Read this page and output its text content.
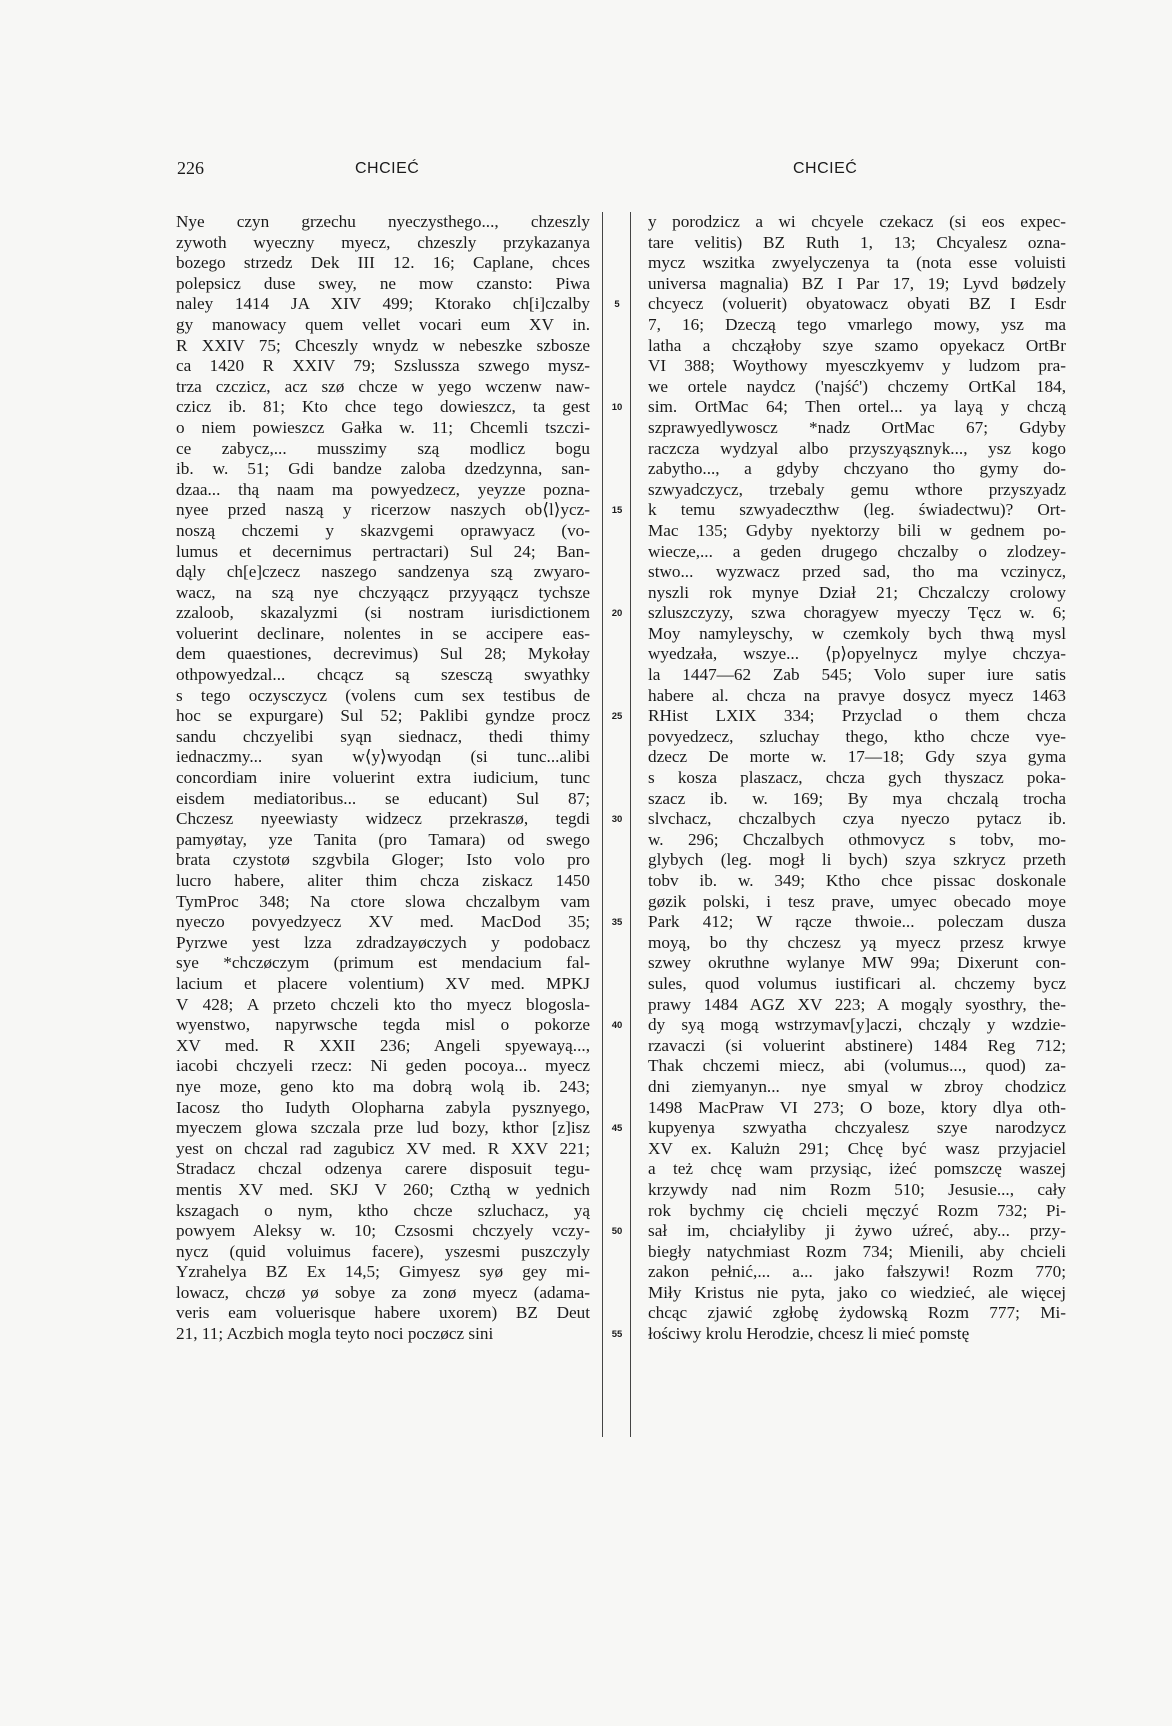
226	CHCIEĆ	CHCIEĆ
Nye czyn grzechu nyeczysthego..., chzeszly
zywoth wyeczny myecz, chzeszly przykazanya
bozego strzedz Dek III 12. 16; Caplane, chces
polepsicz duse swey, ne mow czansto: Piwa
naley 1414 JA XIV 499; Ktorako ch[i]czalby
gy manowacy quem vellet vocari eum XV in.
R XXIV 75; Chceszly wnydz w nebeszke szbosze
ca 1420 R XXIV 79; Szslussza szwego mysz-
trza czczicz, acz szø chcze w yego wczenw naw-
czicz ib. 81; Kto chce tego dowieszcz, ta gest
o niem powieszcz Gałka w. 11; Chcemli tszczi-
ce zabycz,... musszimy szą modlicz bogu
ib. w. 51; Gdi bandze zaloba dzedzynna, san-
dzaa... thą naam ma powyedzecz, yeyzze pozna-
nyee przed naszą y ricerzow naszych ob⟨l⟩ycz-
noszą chczemi y skazvgemi oprawyacz (vo-
lumus et decernimus pertractari) Sul 24; Ban-
dąly ch[e]czecz naszego sandzenya szą zwyaro-
wacz, na szą nye chczyąącz przyyąącz tychsze
zzaloob, skazalyzmi (si nostram iurisdictionem
voluerint declinare, nolentes in se accipere eas-
dem quaestiones, decrevimus) Sul 28; Mykołay
othpowyedzal... chcącz są szesczą swyathky
s tego oczysczycz (volens cum sex testibus de
hoc se expurgare) Sul 52; Paklibi gyndze procz
sandu chczyelibi syąn siednacz, thedi thimy
iednaczmy... syan w⟨y⟩wyodąn (si tunc...alibi
concordiam inire voluerint extra iudicium, tunc
eisdem mediatoribus... se educant) Sul 87;
Chczesz nyeewiasty widzecz przekraszø, tegdi
pamyøtay, yze Tanita (pro Tamara) od swego
brata czystotø szgvbila Gloger; Isto volo pro
lucro habere, aliter thim chcza ziskacz 1450
TymProc 348; Na ctore slowa chczalbym vam
nyeczo povyedzyecz XV med. MacDod 35;
Pyrzwe yest lzza zdradzayøczych y podobacz
sye *chczøczym (primum est mendacium fal-
lacium et placere volentium) XV med. MPKJ
V 428; A przeto chczeli kto tho myecz blogosla-
wyenstwo, napyrwsche tegda misl o pokorze
XV med. R XXII 236; Angeli spyewayą...,
iacobi chczyeli rzecz: Ni geden pocoya... myecz
nye moze, geno kto ma dobrą wolą ib. 243;
Iacosz tho Iudyth Olopharna zabyla pysznyego,
myeczem glowa szczala prze lud bozy, kthor [z]isz
yest on chczal rad zagubicz XV med. R XXV 221;
Stradacz chczal odzenya carere disposuit tegu-
mentis XV med. SKJ V 260; Czthą w yednich
kszagach o nym, ktho chcze szluchacz, yą
powyem Aleksy w. 10; Czsosmi chczyely vczy-
nycz (quid voluimus facere), yszesmi puszczyly
Yzrahelya BZ Ex 14,5; Gimyesz syø gey mi-
lowacz, chczø yø sobye za zonø myecz (adama-
veris eam voluerisque habere uxorem) BZ Deut
21, 11; Aczbich mogla teyto noci poczøcz sini
5
10
15
20
25
30
35
40
45
50
55
y porodzicz a wi chcyele czekacz (si eos expec-
tare velitis) BZ Ruth 1, 13; Chcyalesz ozna-
mycz wszitka zwyelyczenya ta (nota esse voluisti
universa magnalia) BZ I Par 17, 19; Lyvd bødzely
chcyecz (voluerit) obyatowacz obyati BZ I Esdr
7, 16; Dzeczą tego vmarlego mowy, ysz ma
latha a chcząłoby szye szamo opyekacz OrtBr
VI 388; Woythowy myesczkyemv y ludzom pra-
we ortele naydcz ('najść') chczemy OrtKal 184,
sim. OrtMac 64; Then ortel... ya layą y chczą
szprawyedlywoscz *nadz OrtMac 67; Gdyby
raczcza wydzyal albo przyszyąsznyk..., ysz kogo
zabytho..., a gdyby chczyano tho gymy do-
szwyadczycz, trzebaly gemu wthore przyszyadz
k temu szwyadeczthw (leg. świadectwu)? Ort-
Mac 135; Gdyby nyektorzy bili w gednem po-
wiecze,... a geden drugego chczalby o zlodzey-
stwo... wyzwacz przed sad, tho ma vczinycz,
nyszli rok mynye Dział 21; Chczalczy crolowy
szluszczyzy, szwa choragyew myeczy Tęcz w. 6;
Moy namyleyschy, w czemkoly bych thwą mysl
wyedzała, wszye... ⟨p⟩opyelnycz mylye chczya-
la 1447—62 Zab 545; Volo super iure satis
habere al. chcza na pravye dosycz myecz 1463
RHist LXIX 334; Przyclad o them chcza
povyedzecz, szluchay thego, ktho chcze vye-
dzecz De morte w. 17—18; Gdy szya gyma
s kosza plaszacz, chcza gych thyszacz poka-
szacz ib. w. 169; By mya chczalą trocha
slvchacz, chczalbych czya nyeczo pytacz ib.
w. 296; Chczalbych othmovycz s tobv, mo-
glybych (leg. mogł li bych) szya szkrycz przeth
tobv ib. w. 349; Ktho chce pissac doskonale
gøzik polski, i tesz prave, umyec obecado moye
Park 412; W rącze thwoie... poleczam dusza
moyą, bo thy chczesz yą myecz przesz krwye
szwey okruthne wylanye MW 99a; Dixerunt con-
sules, quod volumus iustificari al. chczemy bycz
prawy 1484 AGZ XV 223; A mogąly syosthry, the-
dy syą mogą wstrzymav[y]aczi, chcząly y wzdzie-
rzavaczi (si voluerint abstinere) 1484 Reg 712;
Thak chczemi miecz, abi (volumus..., quod) za-
dni ziemyanyn... nye smyal w zbroy chodzicz
1498 MacPraw VI 273; O boze, ktory dlya oth-
kupyenya szwyatha chczyalesz szye narodzycz
XV ex. Kalużn 291; Chcę być wasz przyjaciel
a też chcę wam przysiąc, iżeć pomszczę waszej
krzywdy nad nim Rozm 510; Jesusie..., cały
rok bychmy cię chcieli męczyć Rozm 732; Pi-
sał im, chciałyliby ji żywo uźreć, aby... przy-
biegły natychmiast Rozm 734; Mienili, aby chcieli
zakon pełnić,... a... jako fałszywi! Rozm 770;
Miły Kristus nie pyta, jako co wiedzieć, ale więcej
chcąc zjawić zgłobę żydowską Rozm 777; Mi-
łościwy krolu Herodzie, chcesz li mieć pomstę
